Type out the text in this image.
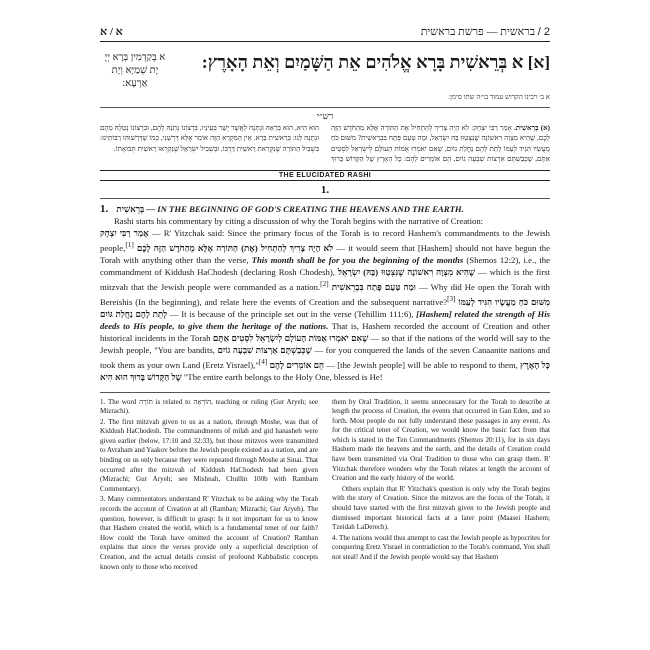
א / א	2 / בראשית — פרשת בראשית
[א] א בְּרֵאשִׁית בָּרָא אֱלֹהִים אֵת הַשָּׁמַיִם וְאֵת הָאָרֶץ:
א בְּקַדְמִין בְּרָא יְיָ יָת שְׁמַיָּא וְיָת אַרְעָא:
א ב׳ רבינו הקדוש עמוד בו״ה שתו סימן:
רש״י
(א) בְּרֵאשִׁית. אָמַר רַבִּי יִצְחָק: לֹא הָיָה צָרִיךְ לְהַתְחִיל אֶת הַתּוֹרָה אֶלָּא מֵהַחֹדֶשׁ הַזֶּה לָכֶם, שֶׁהִיא מִצְוָה רִאשׁוֹנָה שֶׁנִּצְטַוּוּ בָּהּ יִשְׂרָאֵל, וּמַה טַּעַם פָּתַח בִּבְרֵאשִׁית? מִשּׁוּם כֹּחַ מַעֲשָׂיו הִגִּיד לְעַמּוֹ לָתֵת לָהֶם נַחֲלַת גּוֹיִם, שֶׁאִם יֹאמְרוּ אֻמּוֹת הָעוֹלָם לְיִשְׂרָאֵל לִסְטִים אַתֶּם, שֶׁכְּבַשְׁתֶּם אַרְצוֹת שִׁבְעָה גוֹיִם, הֵם אוֹמְרִים לָהֶם: כָּל הָאָרֶץ שֶׁל הַקָּדוֹשׁ בָּרוּךְ הוּא הִיא, הוּא בְּרָאָהּ וּנְתָנָהּ לַאֲשֶׁר יָשַׁר בְּעֵינָיו, בִּרְצוֹנוֹ נְתָנָהּ לָהֶם, וּבִרְצוֹנוֹ נְטָלָהּ מֵהֶם וּנְתָנָהּ לָנוּ: בְּרֵאשִׁית בָּרָא. אֵין הַמִּקְרָא הַזֶּה אוֹמֵר אֶלָּא דָּרְשֵׁנִי, כְּמוֹ שֶׁדְּרָשׁוּהוּ רַבּוֹתֵינוּ: בִּשְׁבִיל הַתּוֹרָה שֶׁנִּקְרֵאת רֵאשִׁית דַּרְכּוֹ, וּבִשְׁבִיל יִשְׂרָאֵל שֶׁנִּקְרְאוּ רֵאשִׁית תְּבוּאָתוֹ.
THE ELUCIDATED RASHI
1.

1. בְּרֵאשִׁית — IN THE BEGINNING OF GOD'S CREATING THE HEAVENS AND THE EARTH.

Rashi starts his commentary by citing a discussion of why the Torah begins with the narrative of Creation:

אָמַר רַבִּי יִצְחָק — R' Yitzchak said: Since the primary focus of the Torah is to record Hashem's commandments to the Jewish people,[1] לֹא הָיָה צָרִיךְ לְהַתְחִיל (אֶת) הַתּוֹרָה אֶלָּא מֵהַחֹדֶשׁ הַזֶּה לָכֶם — it would seem that [Hashem] should not have begun the Torah with anything other than the verse, This month shall be for you the beginning of the months (Shemos 12:2), i.e., the commandment of Kiddush HaChodesh (declaring Rosh Chodesh), שֶׁהִיא מִצְוָה רִאשׁוֹנָה שֶׁנִּצְטַוּוּ (בָּהּ) יִשְׂרָאֵל — which is the first mitzvah that the Jewish people were commanded as a nation.[2] וּמַה טַּעַם פָּתַח בִּבְרֵאשִׁית — Why did He open the Torah with Bereishis (In the beginning), and relate here the events of Creation and the subsequent narrative?[3] מִשּׁוּם כֹּחַ מַעֲשָׂיו הִגִּיד לְעַמּוֹ לָתֵת לָהֶם נַחֲלַת גּוֹיִם — It is because of the principle set out in the verse (Tehillim 111:6), [Hashem] related the strength of His deeds to His people, to give them the heritage of the nations. That is, Hashem recorded the account of Creation and other historical incidents in the Torah שֶׁאִם יֹאמְרוּ אֻמּוֹת הָעוֹלָם לְיִשְׂרָאֵל לִסְטִים אַתֶּם — so that if the nations of the world will say to the Jewish people, "You are bandits, שֶׁכְּבַשְׁתֶּם אַרְצוֹת שִׁבְעָה גוֹיִם — for you conquered the lands of the seven Canaanite nations and took them as your own Land (Eretz Yisrael),"[4] הֵם אוֹמְרִים לָהֶם — [the Jewish people] will be able to respond to them, כָּל הָאָרֶץ שֶׁל הַקָּדוֹשׁ בָּרוּךְ הוּא הִיא "The entire earth belongs to the Holy One, blessed is He!

1. The word תּוֹרָה is related to הוֹרָאָה, teaching or ruling (Gur Aryeh; see Mizrachi).

2. The first mitzvah given to us as a nation, through Moshe, was that of Kiddush HaChodesh. The commandments of milah and gid hanasheh were given earlier (below, 17:10 and 32:33), but those mitzvos were transmitted to Avraham and Yaakov before the Jewish people existed as a nation, and are binding on us only because they were repeated through Moshe at Sinai. That occurred after the mitzvah of Kiddush HaChodesh had been given (Mizrachi; Gur Aryeh; see Mishnah, Chullin 100b with Rambam Commentary).

3. Many commentators understand R' Yitzchak to be asking why the Torah records the account of Creation at all (Ramban; Mizrachi; Gur Aryeh). The question, however, is difficult to grasp: Is it not important for us to know that Hashem created the world, which is a fundamental tenet of our faith? How could the Torah have omitted the account of Creation? Ramban explains that since the verses provide only a superficial description of Creation, and the actual details consist of profound Kabbalistic concepts known only to those who received

them by Oral Tradition, it seems unnecessary for the Torah to describe at length the process of Creation, the events that occurred in Gan Eden, and so forth. Most people do not fully understand these passages in any event. As for the critical tenet of Creation, we would know the basic fact from that which is stated in the Ten Commandments (Shemos 20:11), for in six days Hashem made the heavens and the earth, and the details of Creation could have been transmitted via Oral Tradition to those who can grasp them. R' Yitzchak therefore wonders why the Torah relates at length the account of Creation and the early history of the world.

Others explain that R' Yitzchak's question is only why the Torah begins with the story of Creation. Since the mitzvos are the focus of the Torah, it should have started with the first mitzvah given to the Jewish people and dismissed important historical facts at a later point (Maasei Hashem; Tzeidah LaDerech).

4. The nations would thus attempt to cast the Jewish people as hypocrites for conquering Eretz Yisrael in contradiction to the Torah's command, You shall not steal! And if the Jewish people would say that Hashem
